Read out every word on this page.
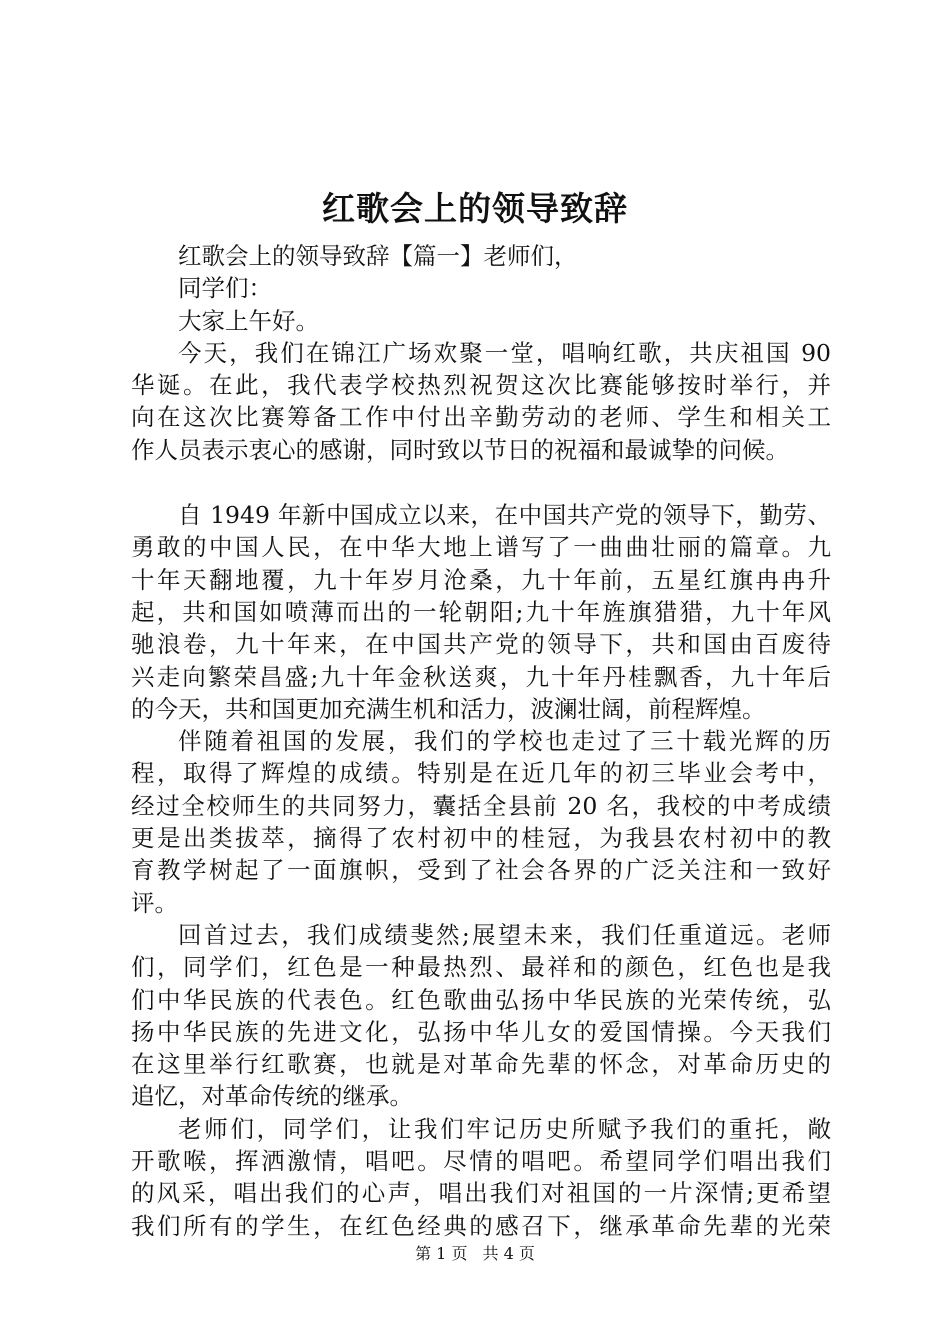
红歌会上的领导致辞
红歌会上的领导致辞【篇一】老师们，
同学们：
大家上午好。
今天，我们在锦江广场欢聚一堂，唱响红歌，共庆祖国 90
华诞。在此，我代表学校热烈祝贺这次比赛能够按时举行，并
向在这次比赛筹备工作中付出辛勤劳动的老师、学生和相关工
作人员表示衷心的感谢，同时致以节日的祝福和最诚挚的问候。
自 1949 年新中国成立以来，在中国共产党的领导下，勤劳、
勇敢的中国人民，在中华大地上谱写了一曲曲壮丽的篇章。九
十年天翻地覆，九十年岁月沧桑，九十年前，五星红旗冉冉升
起，共和国如喷薄而出的一轮朝阳;九十年旌旗猎猎，九十年风
驰浪卷，九十年来，在中国共产党的领导下，共和国由百废待
兴走向繁荣昌盛;九十年金秋送爽，九十年丹桂飘香，九十年后
的今天，共和国更加充满生机和活力，波澜壮阔，前程辉煌。
伴随着祖国的发展，我们的学校也走过了三十载光辉的历
程，取得了辉煌的成绩。特别是在近几年的初三毕业会考中，
经过全校师生的共同努力，囊括全县前 20 名，我校的中考成绩
更是出类拔萃，摘得了农村初中的桂冠，为我县农村初中的教
育教学树起了一面旗帜，受到了社会各界的广泛关注和一致好
评。
回首过去，我们成绩斐然;展望未来，我们任重道远。老师
们，同学们，红色是一种最热烈、最祥和的颜色，红色也是我
们中华民族的代表色。红色歌曲弘扬中华民族的光荣传统，弘
扬中华民族的先进文化，弘扬中华儿女的爱国情操。今天我们
在这里举行红歌赛，也就是对革命先辈的怀念，对革命历史的
追忆，对革命传统的继承。
老师们，同学们，让我们牢记历史所赋予我们的重托，敞
开歌喉，挥洒激情，唱吧。尽情的唱吧。希望同学们唱出我们
的风采，唱出我们的心声，唱出我们对祖国的一片深情;更希望
我们所有的学生，在红色经典的感召下，继承革命先辈的光荣
第 1 页 共 4 页
